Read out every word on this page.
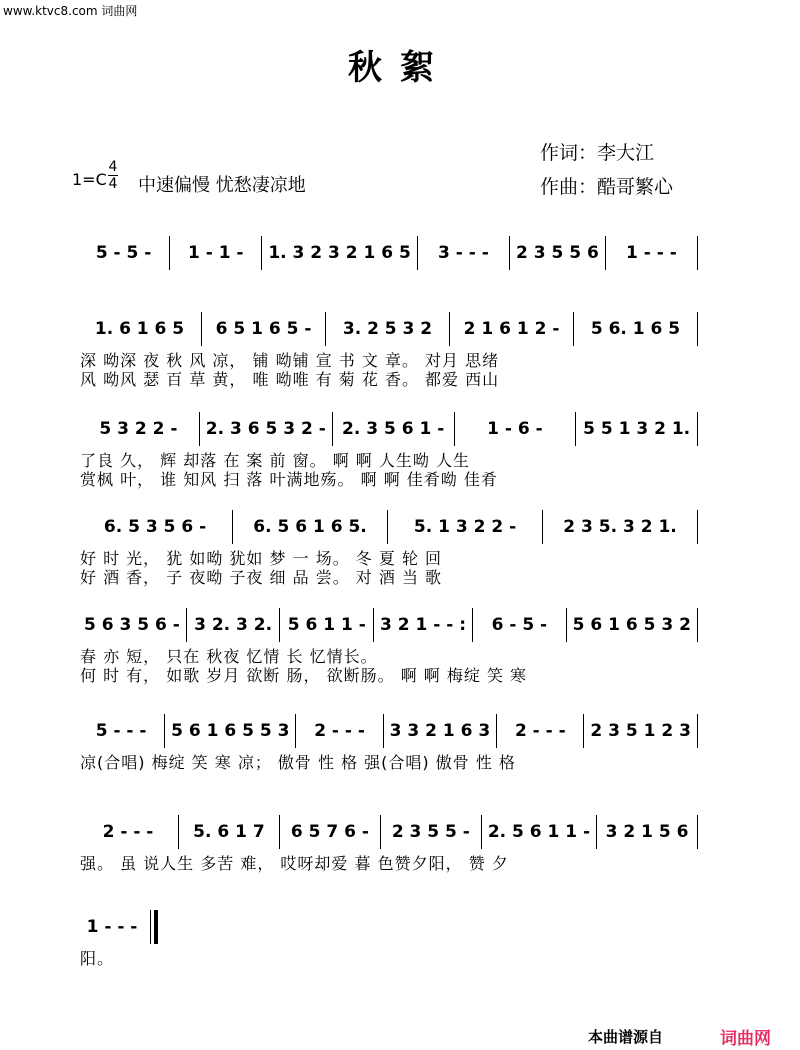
www.ktvc8.com 词曲网
秋絮
作词：李大江
作曲：酷哥繁心
1=C
4
4 中速偏慢 忧愁凄凉地
5 - 5 -	1 - 1 -	1. 3 2 3 2 1 6 5	3 - - -	2 3 5 5 6	1 - - -
1. 6 1 6 5	6 5 1 6 5 -	3. 2 5 3 2	2 1 6 1 2 -	5 6. 1 6 5
深 呦深 夜 秋 风 凉， 铺 呦铺 宣 书 文 章。 对月 思绪
风 呦风 瑟 百 草 黄， 唯 呦唯 有 菊 花 香。 都爱 西山
5 3 2 2 -	2. 3 6 5 3 2 - 2. 3 5 6 1 -	1 - 6 -	5 5 1 3 2 1.
了良 久， 辉 却落 在 案 前 窗。 啊 啊 人生呦 人生
赏枫 叶， 谁 知风 扫 落 叶满地殇。 啊 啊 佳肴呦 佳肴
6. 5 3 5 6 -	6. 5 6 1 6 5.	5. 1 3 2 2 -	2 3 5. 3 2 1.
好 时 光， 犹 如呦 犹如 梦 一 场。 冬 夏 轮 回
好 酒 香， 子 夜呦 子夜 细 品 尝。 对 酒 当 歌
5 6 3 5 6 - 3 2. 3 2. 5 6 1 1 - 3 2 1 - - :	6 - 5 -	5 6 1 6 5 3 2
春 亦 短， 只在 秋夜 忆情 长 忆情长。
何 时 有， 如歌 岁月 欲断 肠， 欲断肠。 啊 啊 梅绽 笑 寒
5 - - -	5 6 1 6 5 5 3	2 - - -	3 3 2 1 6 3	2 - - -	2 3 5 1 2 3
凉(合唱) 梅绽 笑 寒 凉； 傲骨 性 格 强(合唱) 傲骨 性 格
2 - - -	5. 6 1 7	6 5 7 6 -	2 3 5 5 -	2. 5 6 1 1 - 3 2 1 5 6
强。 虽 说人生 多苦 难， 哎呀却爱 暮 色赞夕阳， 赞 夕
1 - - -
阳。
本曲谱源自	词曲网
